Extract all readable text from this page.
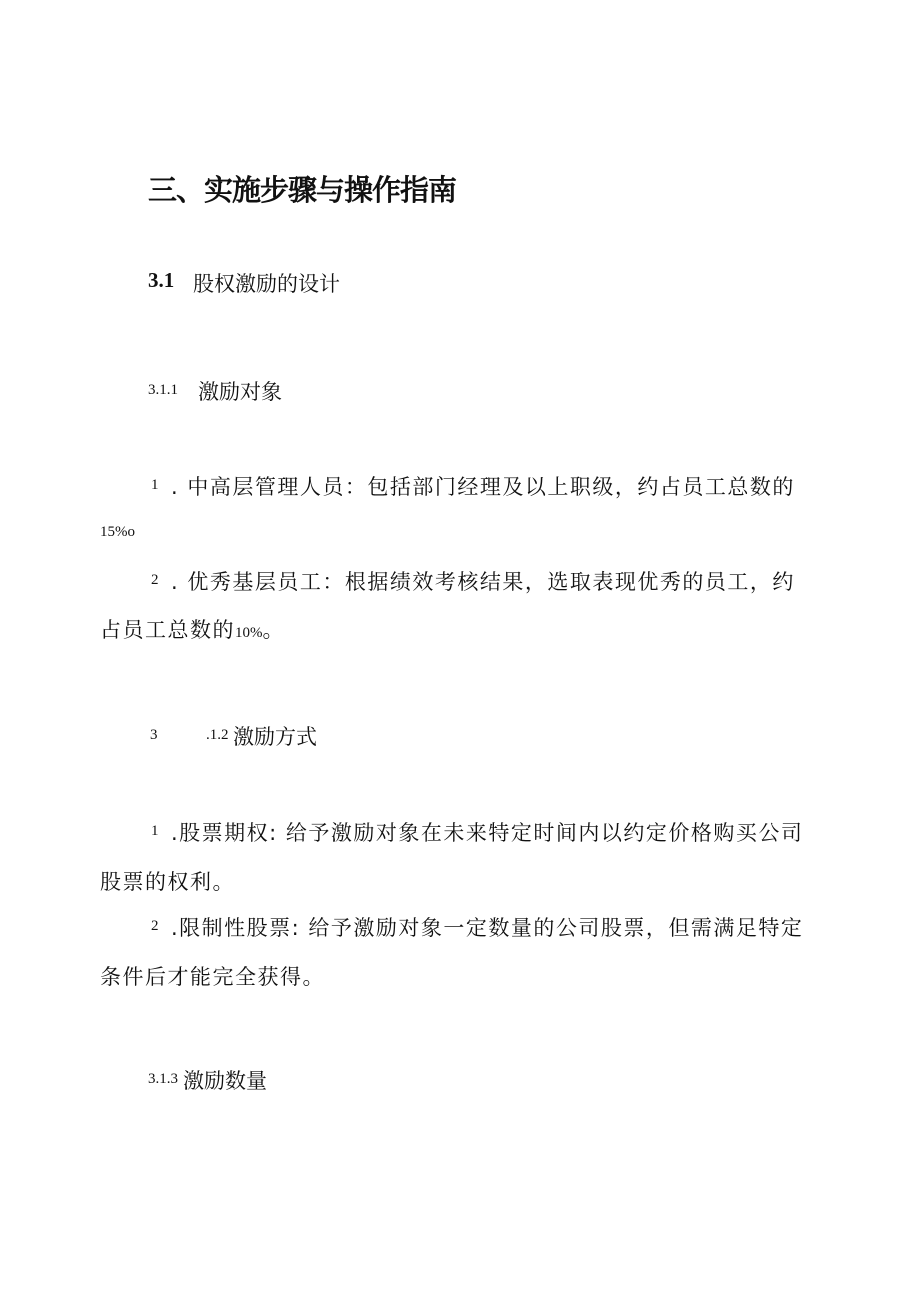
三、实施步骤与操作指南
3.1 股权激励的设计
3.1.1 激励对象
1 . 中高层管理人员：包括部门经理及以上职级，约占员工总数的
15%o
2 . 优秀基层员工：根据绩效考核结果，选取表现优秀的员工，约
占员工总数的10%。
3	.1.2 激励方式
1 .股票期权: 给予激励对象在未来特定时间内以约定价格购买公司
股票的权利。
2 .限制性股票: 给予激励对象一定数量的公司股票，但需满足特定
条件后才能完全获得。
3.1.3 激励数量
